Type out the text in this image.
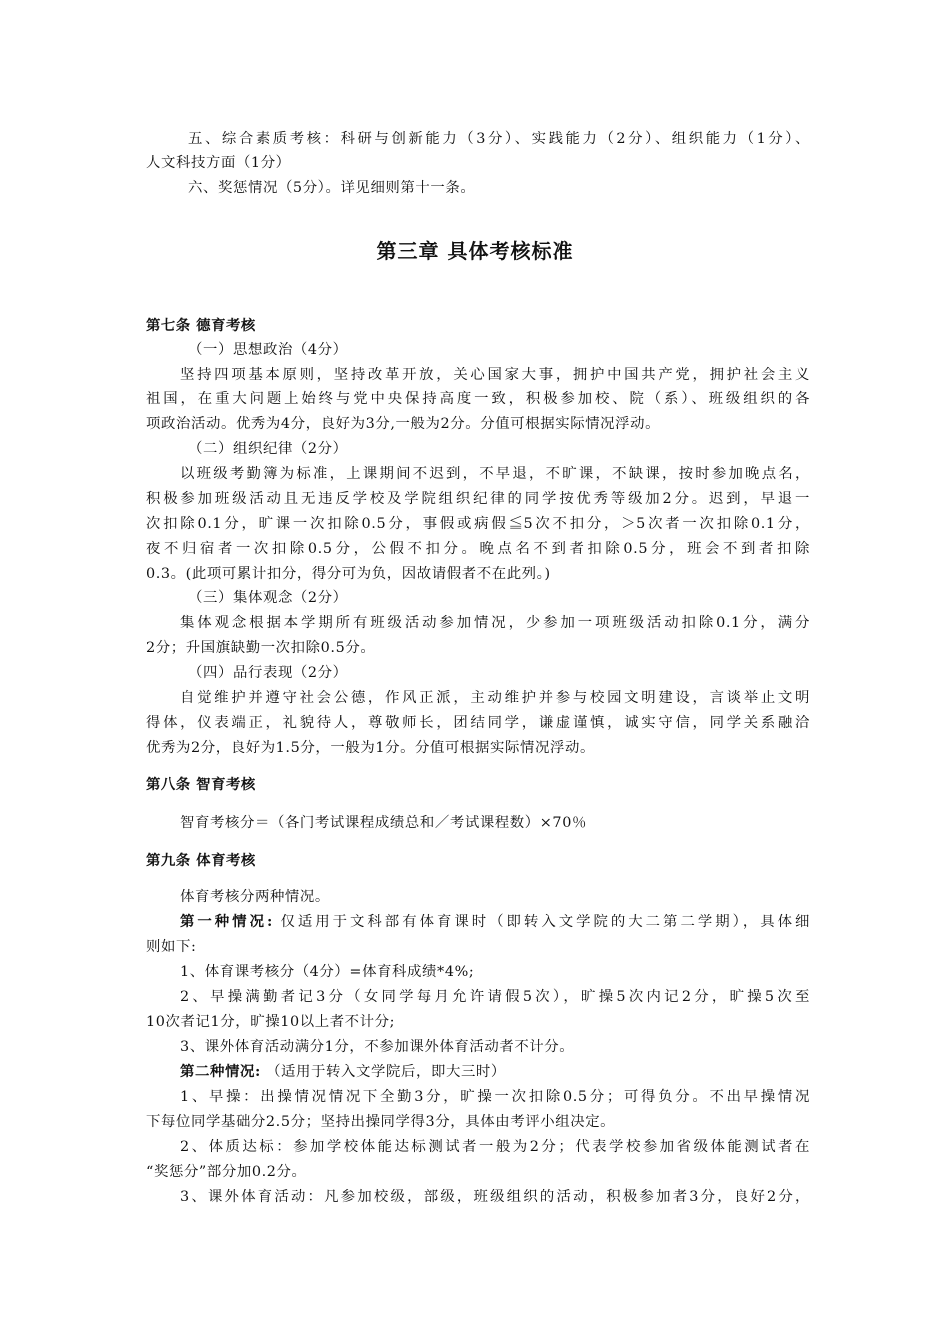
五、综合素质考核：科研与创新能力（3分）、实践能力（2分）、组织能力（1分）、
人文科技方面（1分）
六、奖惩情况（5分）。详见细则第十一条。
第三章 具体考核标准
第七条 德育考核
（一）思想政治（4分）
坚持四项基本原则，坚持改革开放，关心国家大事，拥护中国共产党，拥护社会主义
祖国，在重大问题上始终与党中央保持高度一致，积极参加校、院（系）、班级组织的各
项政治活动。优秀为4分，良好为3分,一般为2分。分值可根据实际情况浮动。
（二）组织纪律（2分）
以班级考勤簿为标准，上课期间不迟到，不早退，不旷课，不缺课，按时参加晚点名，
积极参加班级活动且无违反学校及学院组织纪律的同学按优秀等级加2分。迟到，早退一
次扣除0.1分，旷课一次扣除0.5分，事假或病假≦5次不扣分，＞5次者一次扣除0.1分，
夜不归宿者一次扣除0.5分，公假不扣分。晚点名不到者扣除0.5分，班会不到者扣除
0.3。(此项可累计扣分，得分可为负，因故请假者不在此列。)
（三）集体观念（2分）
集体观念根据本学期所有班级活动参加情况，少参加一项班级活动扣除0.1分，满分
2分；升国旗缺勤一次扣除0.5分。
（四）品行表现（2分）
自觉维护并遵守社会公德，作风正派，主动维护并参与校园文明建设，言谈举止文明
得体，仪表端正，礼貌待人，尊敬师长，团结同学，谦虚谨慎，诚实守信，同学关系融洽
优秀为2分，良好为1.5分，一般为1分。分值可根据实际情况浮动。
第八条 智育考核
智育考核分＝（各门考试课程成绩总和／考试课程数）×70％
第九条 体育考核
体育考核分两种情况。
第一种情况: 仅适用于文科部有体育课时（即转入文学院的大二第二学期），具体细
则如下:
1、体育课考核分（4分）=体育科成绩*4%;
2、早操满勤者记3分（女同学每月允许请假5次），旷操5次内记2分，旷操5次至
10次者记1分，旷操10以上者不计分;
3、课外体育活动满分1分，不参加课外体育活动者不计分。
第二种情况: （适用于转入文学院后，即大三时）
1、早操：出操情况情况下全勤3分，旷操一次扣除0.5分；可得负分。不出早操情况
下每位同学基础分2.5分；坚持出操同学得3分，具体由考评小组决定。
2、体质达标：参加学校体能达标测试者一般为2分；代表学校参加省级体能测试者在
“奖惩分”部分加0.2分。
3、课外体育活动：凡参加校级，部级，班级组织的活动，积极参加者3分，良好2分，
